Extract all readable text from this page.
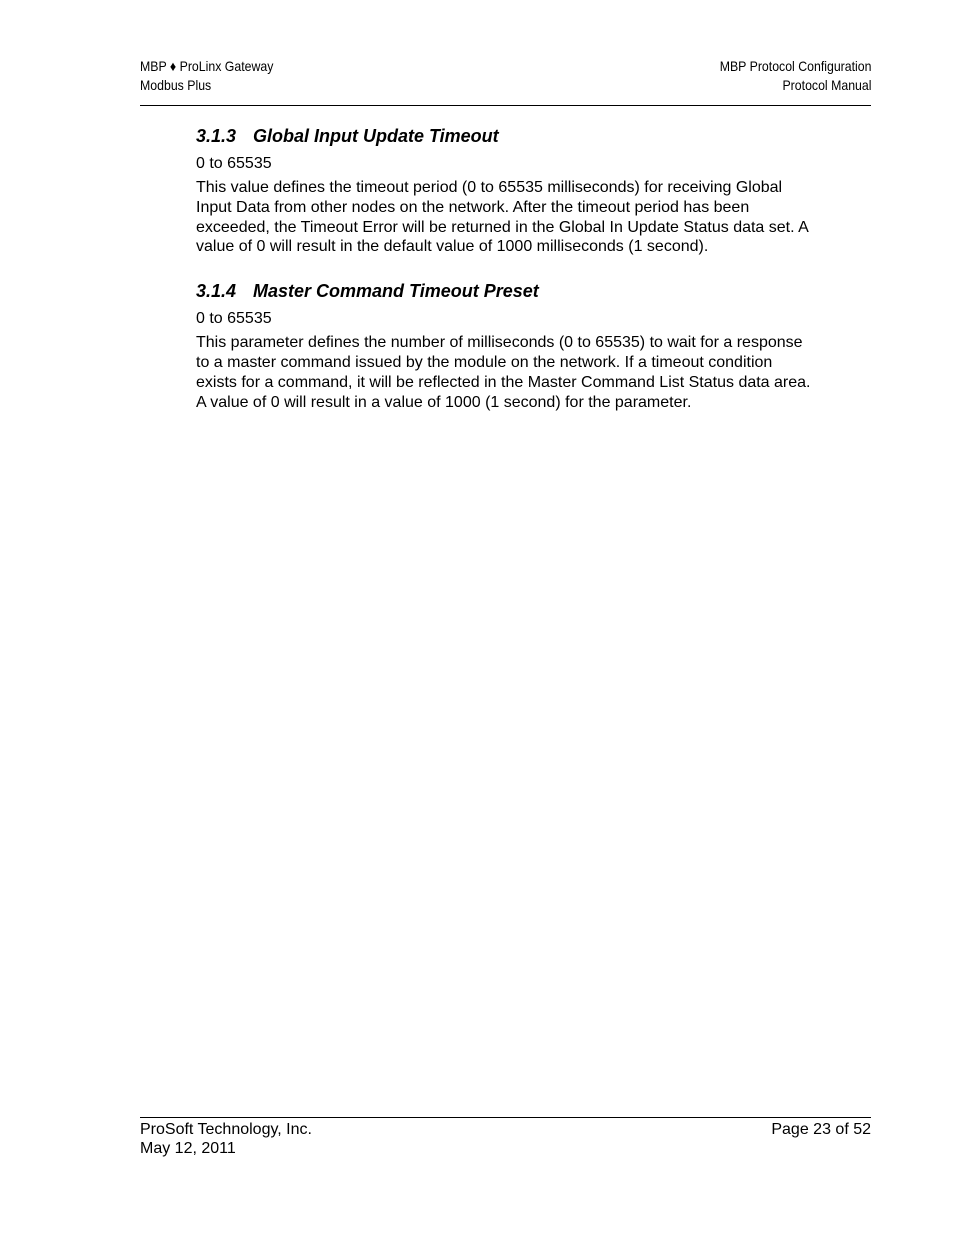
MBP ♦ ProLinx Gateway
Modbus Plus
MBP Protocol Configuration
Protocol Manual
3.1.3 Global Input Update Timeout

0 to 65535

This value defines the timeout period (0 to 65535 milliseconds) for receiving Global Input Data from other nodes on the network. After the timeout period has been exceeded, the Timeout Error will be returned in the Global In Update Status data set. A value of 0 will result in the default value of 1000 milliseconds (1 second).

3.1.4 Master Command Timeout Preset

0 to 65535

This parameter defines the number of milliseconds (0 to 65535) to wait for a response to a master command issued by the module on the network. If a timeout condition exists for a command, it will be reflected in the Master Command List Status data area. A value of 0 will result in a value of 1000 (1 second) for the parameter.

ProSoft Technology, Inc.
May 12, 2011
Page 23 of 52
